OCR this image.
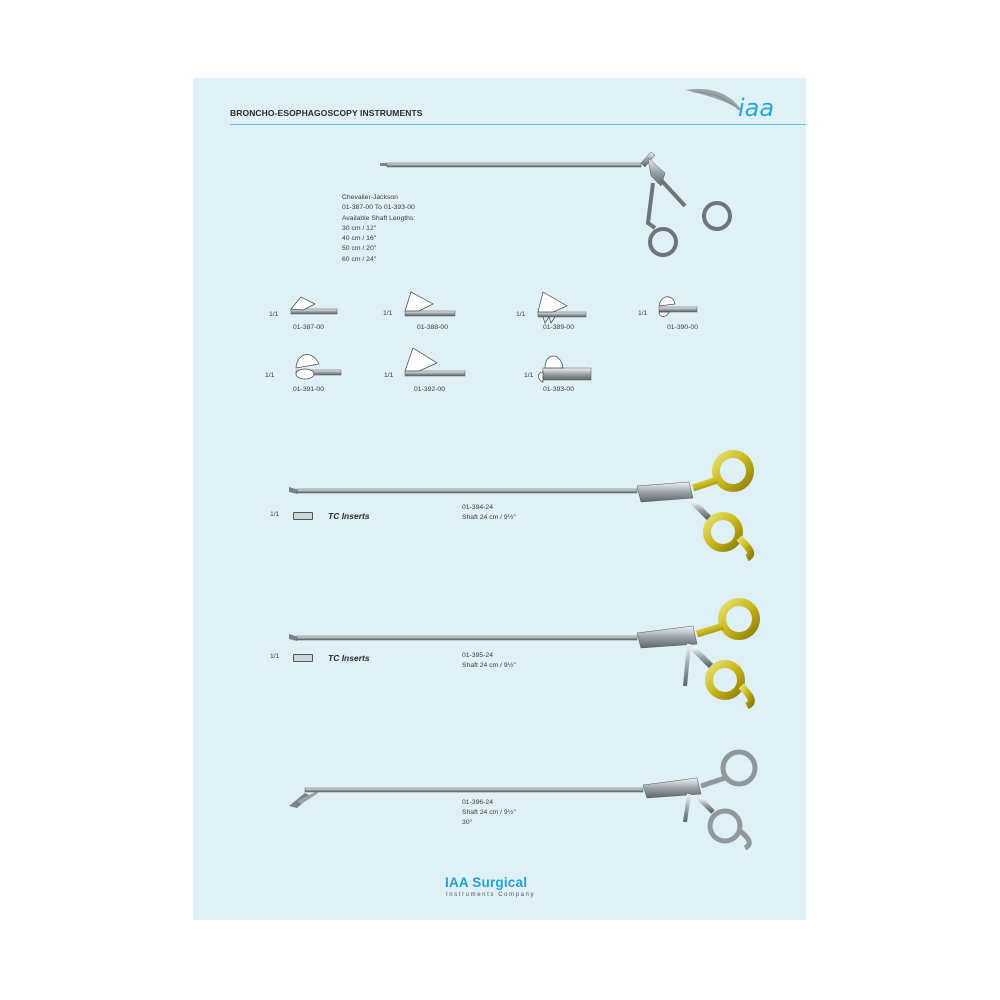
BRONCHO-ESOPHAGOSCOPY INSTRUMENTS	iaa
Chevalier-Jackson
01-387-00 To 01-393-00
Available Shaft Lengths:
30 cm / 12"
40 cm / 16"
50 cm / 20"
60 cm / 24"
1/1
01-387-00
1/1
01-388-00
1/1
01-389-00
1/1
01-390-00
1/1
01-391-00
1/1
01-392-00
1/1
01-393-00
1/1	TC Inserts
01-394-24
Shaft 24 cm / 9½"
1/1	TC Inserts	01-395-24
Shaft 24 cm / 9½"
01-396-24
Shaft 24 cm / 9½"
30°
IAA Surgical
Instruments Company
